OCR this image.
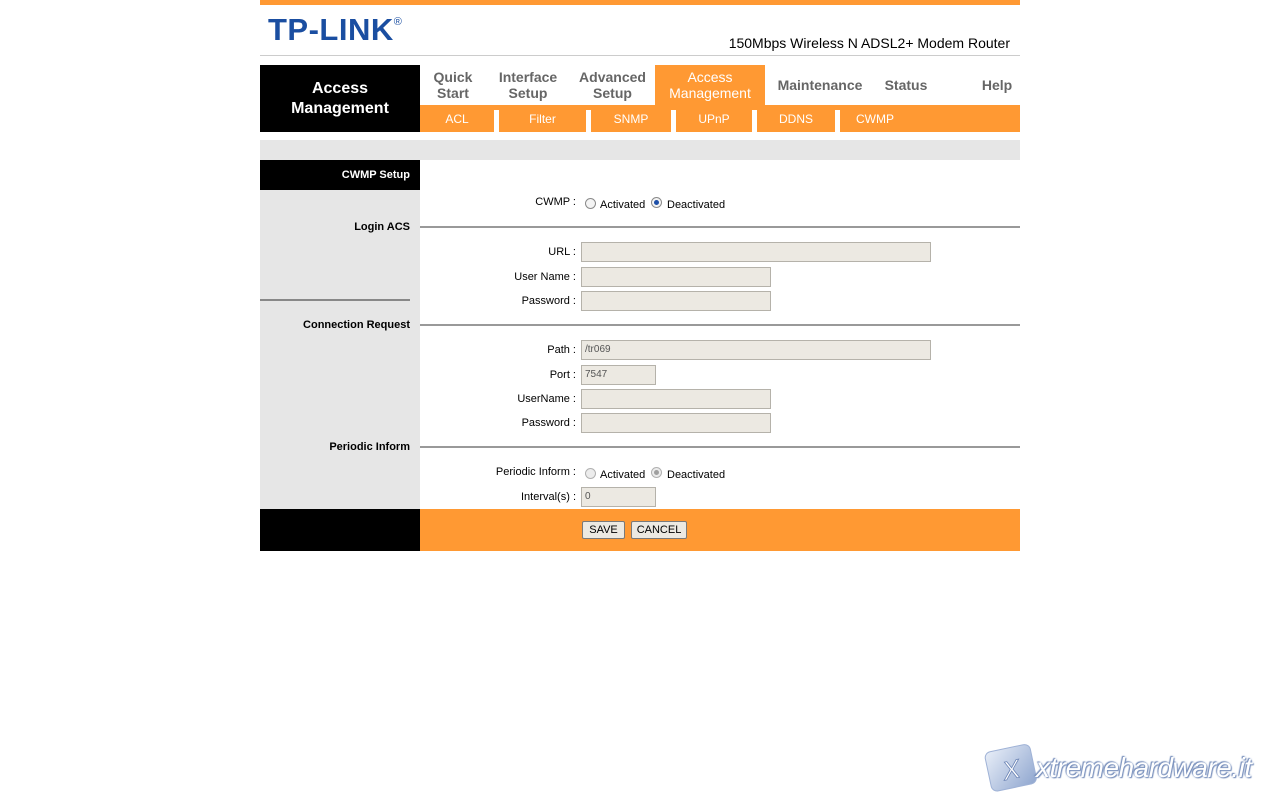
TP-LINK®
150Mbps Wireless N ADSL2+ Modem Router
Access
Management
Quick
Start
Interface
Setup
Advanced
Setup
Access
Management	Maintenance	Status	Help
ACL	Filter	SNMP	UPnP	DDNS	CWMP
CWMP Setup
Login ACS
Connection Request
Periodic Inform
CWMP : Activated Deactivated
URL :
User Name :
Password :
Path : /tr069
Port : 7547
UserName :
Password :
Periodic Inform : Activated Deactivated
Interval(s) : 0
SAVE	CANCEL
X xtremehardware.it
